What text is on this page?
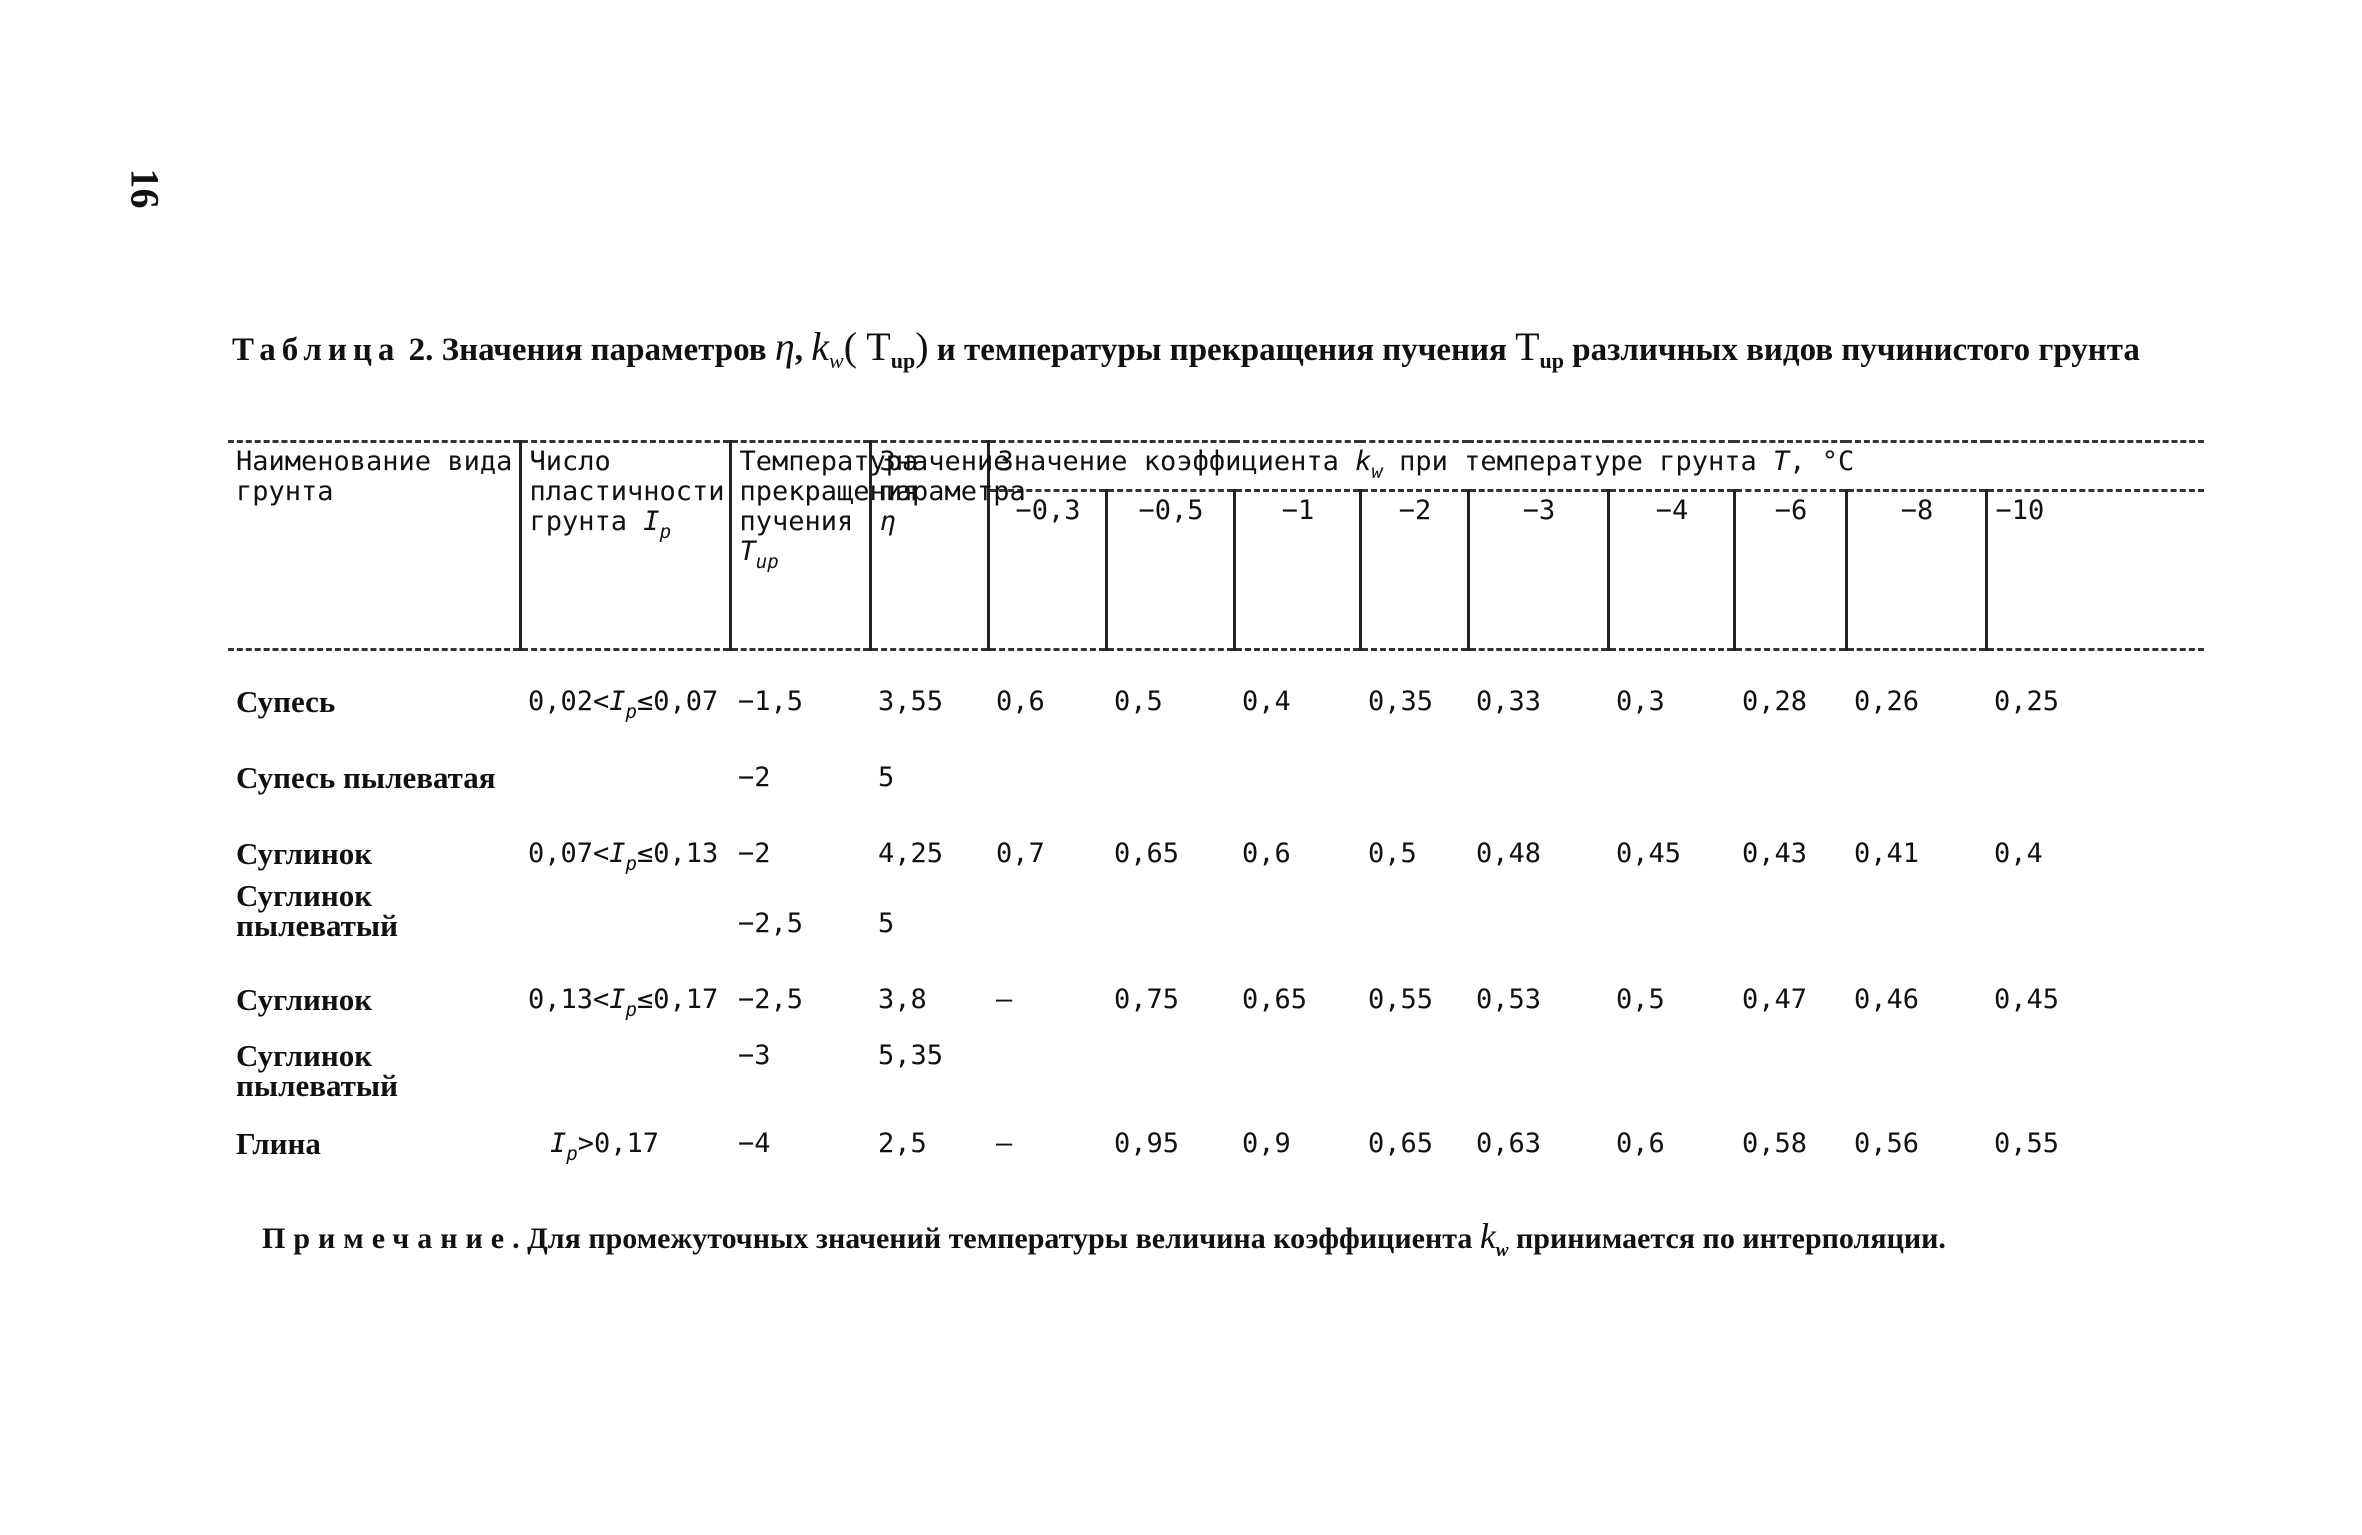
16
Таблица 2. Значения параметров η, $k_w$( $T_{up}$) и температуры прекращения пучения $T_{up}$ различных видов пучинистого грунта
Наименование вида грунта	Число пластичности грунта $I_p$	Температура прекращения пучения $T_{up}$	Значение параметра η	Значение коэффициента $k_w$ при температуре грунта T, °C								
				−0,3	−0,5	−1	−2	−3	−4	−6	−8	−10

Супесь	$0,02<I_p\le 0,07$	−1,5	3,55	0,6	0,5	0,4	0,35	0,33	0,3	0,28	0,26	0,25
Супесь пылеватая		−2	5									
Суглинок	$0,07<I_p\le 0,13$	−2	4,25	0,7	0,65	0,6	0,5	0,48	0,45	0,43	0,41	0,4
Суглинок пылеватый		−2,5	5									
Суглинок	$0,13<I_p\le 0,17$	−2,5	3,8	–	0,75	0,65	0,55	0,53	0,5	0,47	0,46	0,45
Суглинок пылеватый		−3	5,35									
Глина	$I_p>0,17$	−4	2,5	–	0,95	0,9	0,65	0,63	0,6	0,58	0,56	0,55
Примечание. Для промежуточных значений температуры величина коэффициента $k_w$ принимается по интерполяции.
